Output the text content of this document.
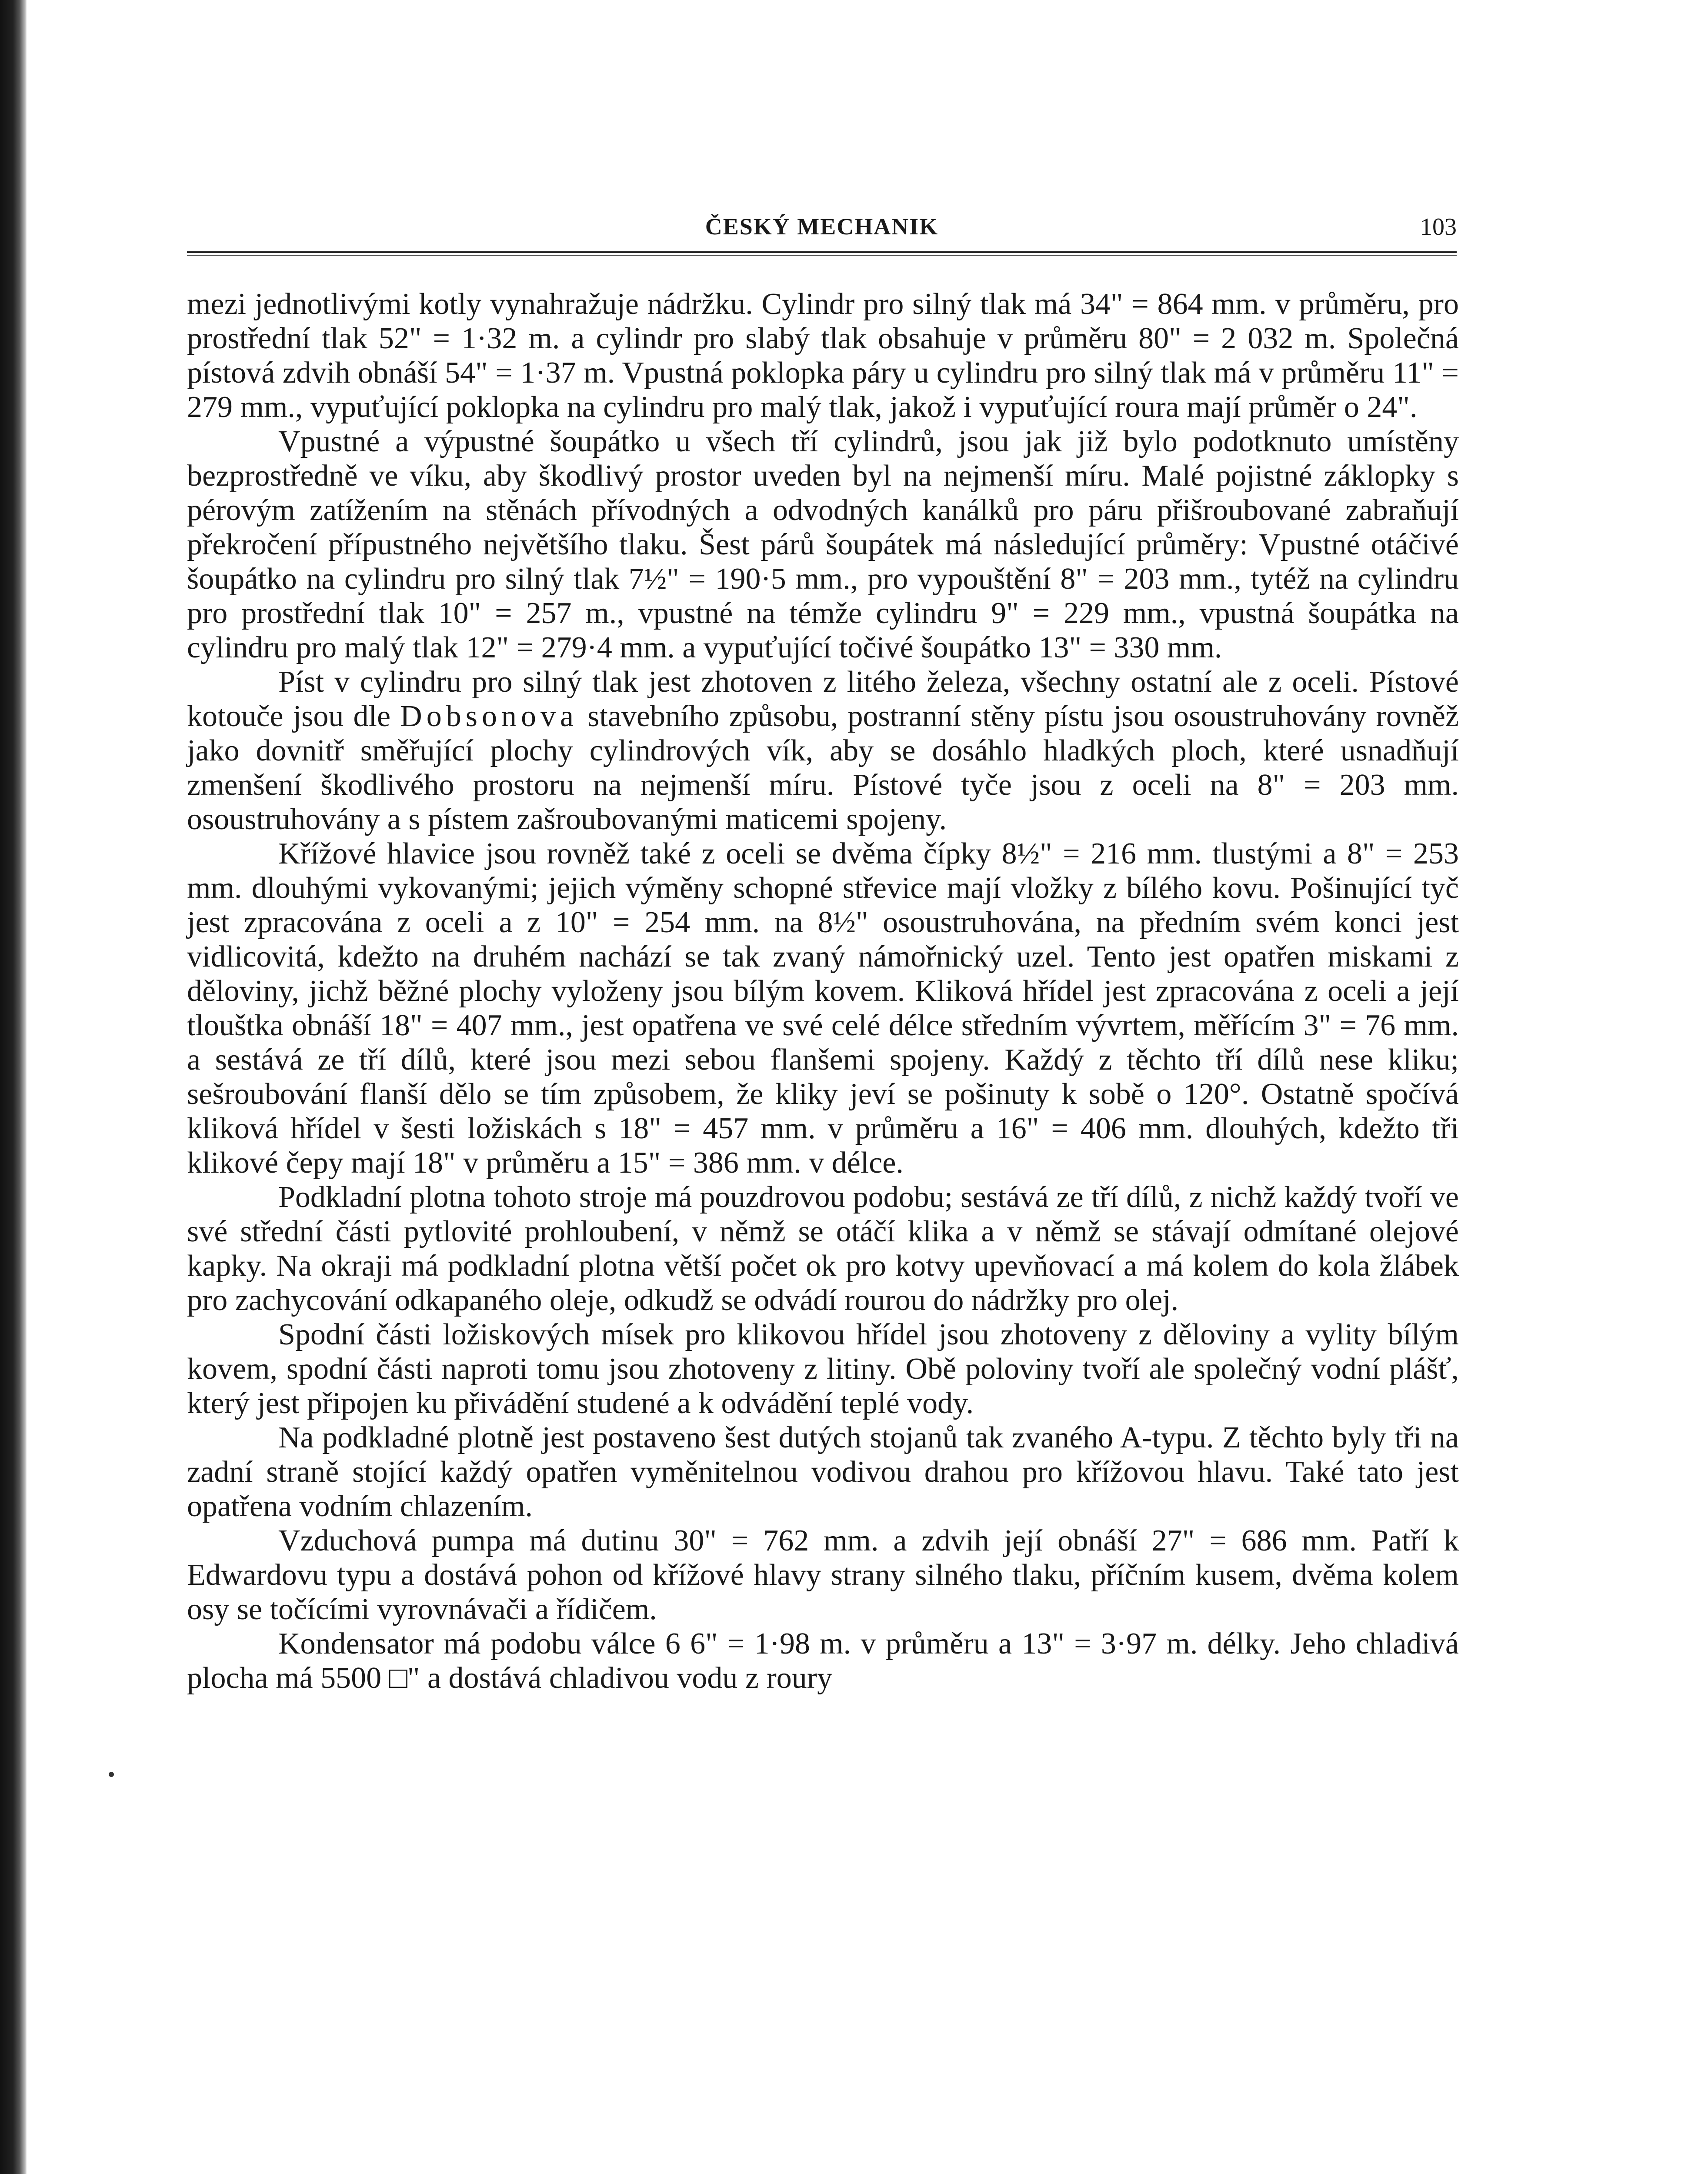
ČESKÝ MECHANIK	103

mezi jednotlivými kotly vynahražuje nádržku. Cylindr pro silný tlak má 34" = 864 mm. v průměru, pro prostřední tlak 52" = 1·32 m. a cylindr pro slabý tlak obsahuje v průměru 80" = 2 032 m. Společná pístová zdvih obnáší 54" = 1·37 m. Vpustná poklopka páry u cylindru pro silný tlak má v průměru 11" = 279 mm., vypuťující poklopka na cylindru pro malý tlak, jakož i vypuťující roura mají průměr o 24".

Vpustné a výpustné šoupátko u všech tří cylindrů, jsou jak již bylo podotknuto umístěny bezprostředně ve víku, aby škodlivý prostor uveden byl na nejmenší míru. Malé pojistné záklopky s pérovým zatížením na stěnách přívodných a odvodných kanálků pro páru přišroubované zabraňují překročení přípustného největšího tlaku. Šest párů šoupátek má následující průměry: Vpustné otáčivé šoupátko na cylindru pro silný tlak 7½" = 190·5 mm., pro vypouštění 8" = 203 mm., tytéž na cylindru pro prostřední tlak 10" = 257 m., vpustné na témže cylindru 9" = 229 mm., vpustná šoupátka na cylindru pro malý tlak 12" = 279·4 mm. a vypuťující točivé šoupátko 13" = 330 mm.

Píst v cylindru pro silný tlak jest zhotoven z litého železa, všechny ostatní ale z oceli. Pístové kotouče jsou dle Dobsonova stavebního způsobu, postranní stěny pístu jsou osoustruhovány rovněž jako dovnitř směřující plochy cylindrových vík, aby se dosáhlo hladkých ploch, které usnadňují zmenšení škodlivého prostoru na nejmenší míru. Pístové tyče jsou z oceli na 8" = 203 mm. osoustruhovány a s pístem zašroubovanými maticemi spojeny.

Křížové hlavice jsou rovněž také z oceli se dvěma čípky 8½" = 216 mm. tlustými a 8" = 253 mm. dlouhými vykovanými; jejich výměny schopné střevice mají vložky z bílého kovu. Pošinující tyč jest zpracována z oceli a z 10" = 254 mm. na 8½" osoustruhována, na předním svém konci jest vidlicovitá, kdežto na druhém nachází se tak zvaný námořnický uzel. Tento jest opatřen miskami z děloviny, jichž běžné plochy vyloženy jsou bílým kovem. Kliková hřídel jest zpracována z oceli a její tlouštka obnáší 18" = 407 mm., jest opatřena ve své celé délce středním vývrtem, měřícím 3" = 76 mm. a sestává ze tří dílů, které jsou mezi sebou flanšemi spojeny. Každý z těchto tří dílů nese kliku; sešroubování flanší dělo se tím způsobem, že kliky jeví se pošinuty k sobě o 120°. Ostatně spočívá kliková hřídel v šesti ložiskách s 18" = 457 mm. v průměru a 16" = 406 mm. dlouhých, kdežto tři klikové čepy mají 18" v průměru a 15" = 386 mm. v délce.

Podkladní plotna tohoto stroje má pouzdrovou podobu; sestává ze tří dílů, z nichž každý tvoří ve své střední části pytlovité prohloubení, v němž se otáčí klika a v němž se stávají odmítané olejové kapky. Na okraji má podkladní plotna větší počet ok pro kotvy upevňovací a má kolem do kola žlábek pro zachycování odkapaného oleje, odkudž se odvádí rourou do nádržky pro olej.

Spodní části ložiskových mísek pro klikovou hřídel jsou zhotoveny z děloviny a vylity bílým kovem, spodní části naproti tomu jsou zhotoveny z litiny. Obě poloviny tvoří ale společný vodní plášť, který jest připojen ku přivádění studené a k odvádění teplé vody.

Na podkladné plotně jest postaveno šest dutých stojanů tak zvaného A-typu. Z těchto byly tři na zadní straně stojící každý opatřen vyměnitelnou vodivou drahou pro křížovou hlavu. Také tato jest opatřena vodním chlazením.

Vzduchová pumpa má dutinu 30" = 762 mm. a zdvih její obnáší 27" = 686 mm. Patří k Edwardovu typu a dostává pohon od křížové hlavy strany silného tlaku, příčním kusem, dvěma kolem osy se točícími vyrovnávači a řídičem.

Kondensator má podobu válce 6 6" = 1·98 m. v průměru a 13" = 3·97 m. délky. Jeho chladivá plocha má 5500 □" a dostává chladivou vodu z roury
